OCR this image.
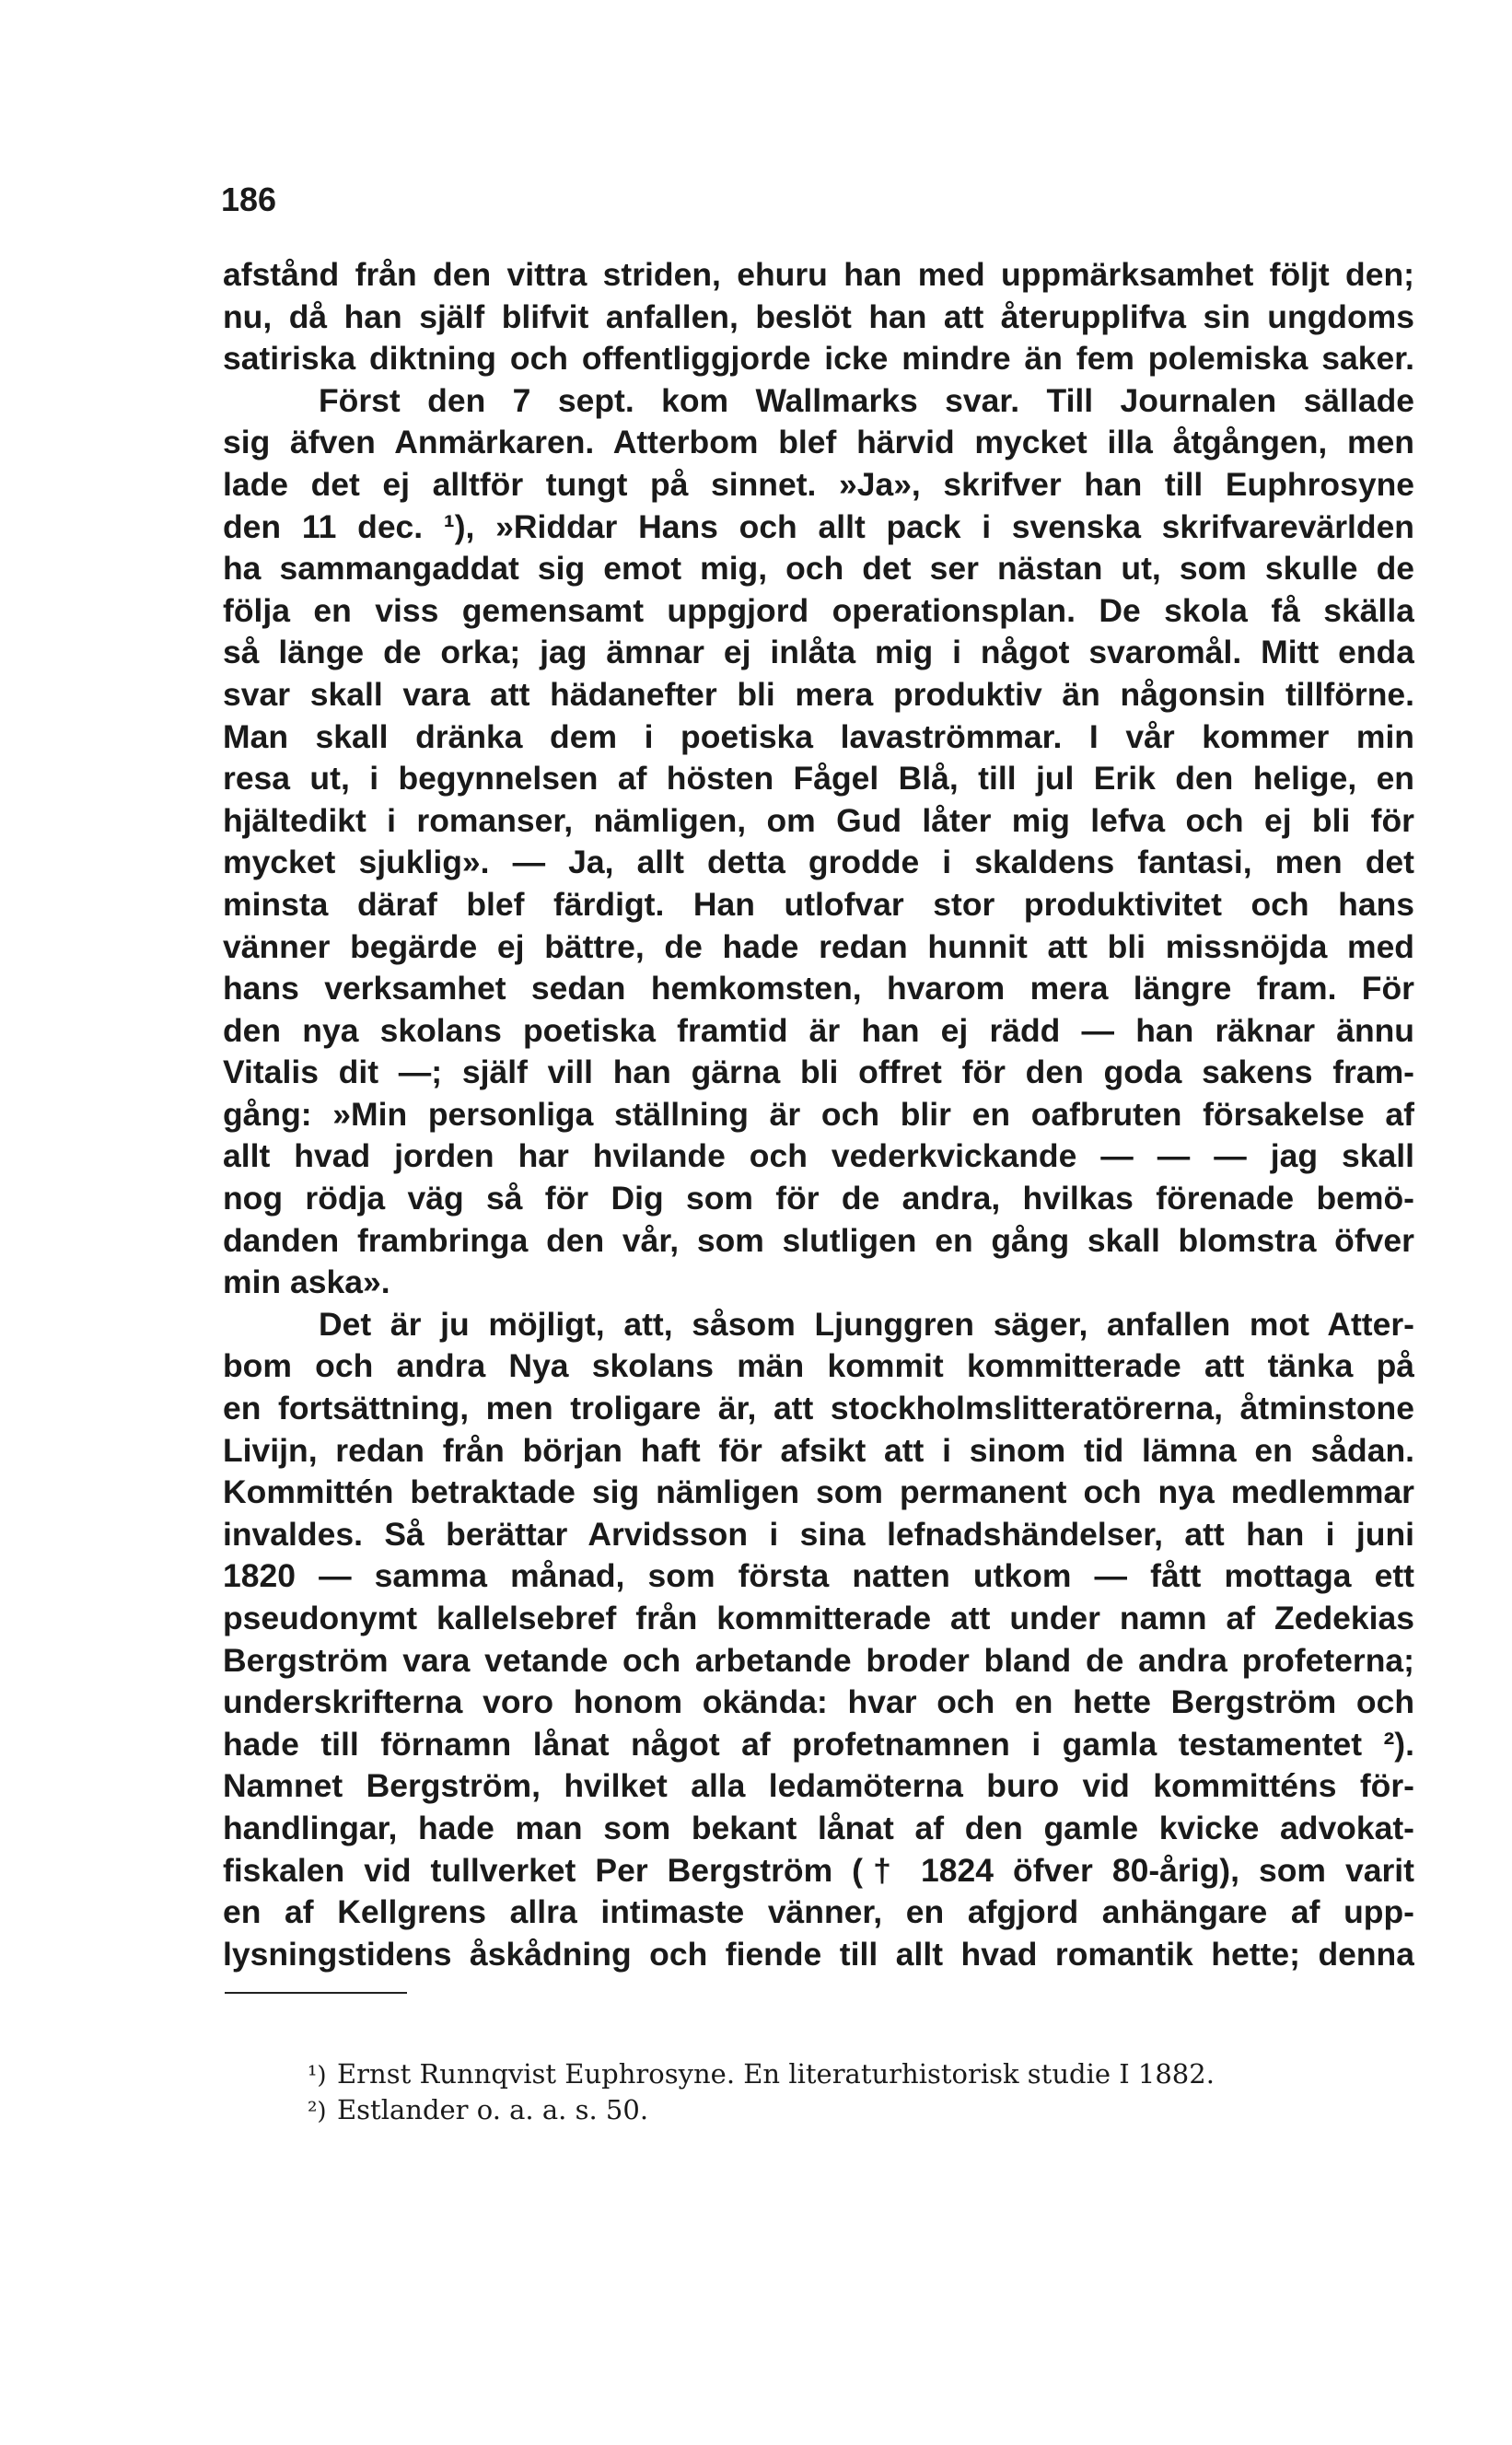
186
afstånd från den vittra striden, ehuru han med uppmärksamhet följt den;
nu, då han själf blifvit anfallen, beslöt han att återupplifva sin ungdoms
satiriska diktning och offentliggjorde icke mindre än fem polemiska saker.
Först den 7 sept. kom Wallmarks svar. Till Journalen sällade
sig äfven Anmärkaren. Atterbom blef härvid mycket illa åtgången, men
lade det ej alltför tungt på sinnet. »Ja», skrifver han till Euphrosyne
den 11 dec. ¹), »Riddar Hans och allt pack i svenska skrifvarevärlden
ha sammangaddat sig emot mig, och det ser nästan ut, som skulle de
följa en viss gemensamt uppgjord operationsplan. De skola få skälla
så länge de orka; jag ämnar ej inlåta mig i något svaromål. Mitt enda
svar skall vara att hädanefter bli mera produktiv än någonsin tillförne.
Man skall dränka dem i poetiska lavaströmmar. I vår kommer min
resa ut, i begynnelsen af hösten Fågel Blå, till jul Erik den helige, en
hjältedikt i romanser, nämligen, om Gud låter mig lefva och ej bli för
mycket sjuklig». — Ja, allt detta grodde i skaldens fantasi, men det
minsta däraf blef färdigt. Han utlofvar stor produktivitet och hans
vänner begärde ej bättre, de hade redan hunnit att bli missnöjda med
hans verksamhet sedan hemkomsten, hvarom mera längre fram. För
den nya skolans poetiska framtid är han ej rädd — han räknar ännu
Vitalis dit —; själf vill han gärna bli offret för den goda sakens fram-
gång: »Min personliga ställning är och blir en oafbruten försakelse af
allt hvad jorden har hvilande och vederkvickande — — — jag skall
nog rödja väg så för Dig som för de andra, hvilkas förenade bemö-
danden frambringa den vår, som slutligen en gång skall blomstra öfver
min aska».
Det är ju möjligt, att, såsom Ljunggren säger, anfallen mot Atter-
bom och andra Nya skolans män kommit kommitterade att tänka på
en fortsättning, men troligare är, att stockholmslitteratörerna, åtminstone
Livijn, redan från början haft för afsikt att i sinom tid lämna en sådan.
Kommittén betraktade sig nämligen som permanent och nya medlemmar
invaldes. Så berättar Arvidsson i sina lefnadshändelser, att han i juni
1820 — samma månad, som första natten utkom — fått mottaga ett
pseudonymt kallelsebref från kommitterade att under namn af Zedekias
Bergström vara vetande och arbetande broder bland de andra profeterna;
underskrifterna voro honom okända: hvar och en hette Bergström och
hade till förnamn lånat något af profetnamnen i gamla testamentet ²).
Namnet Bergström, hvilket alla ledamöterna buro vid kommitténs för-
handlingar, hade man som bekant lånat af den gamle kvicke advokat-
fiskalen vid tullverket Per Bergström († 1824 öfver 80-årig), som varit
en af Kellgrens allra intimaste vänner, en afgjord anhängare af upp-
lysningstidens åskådning och fiende till allt hvad romantik hette; denna
¹) Ernst Runnqvist Euphrosyne. En literaturhistorisk studie I 1882.
²) Estlander o. a. a. s. 50.
